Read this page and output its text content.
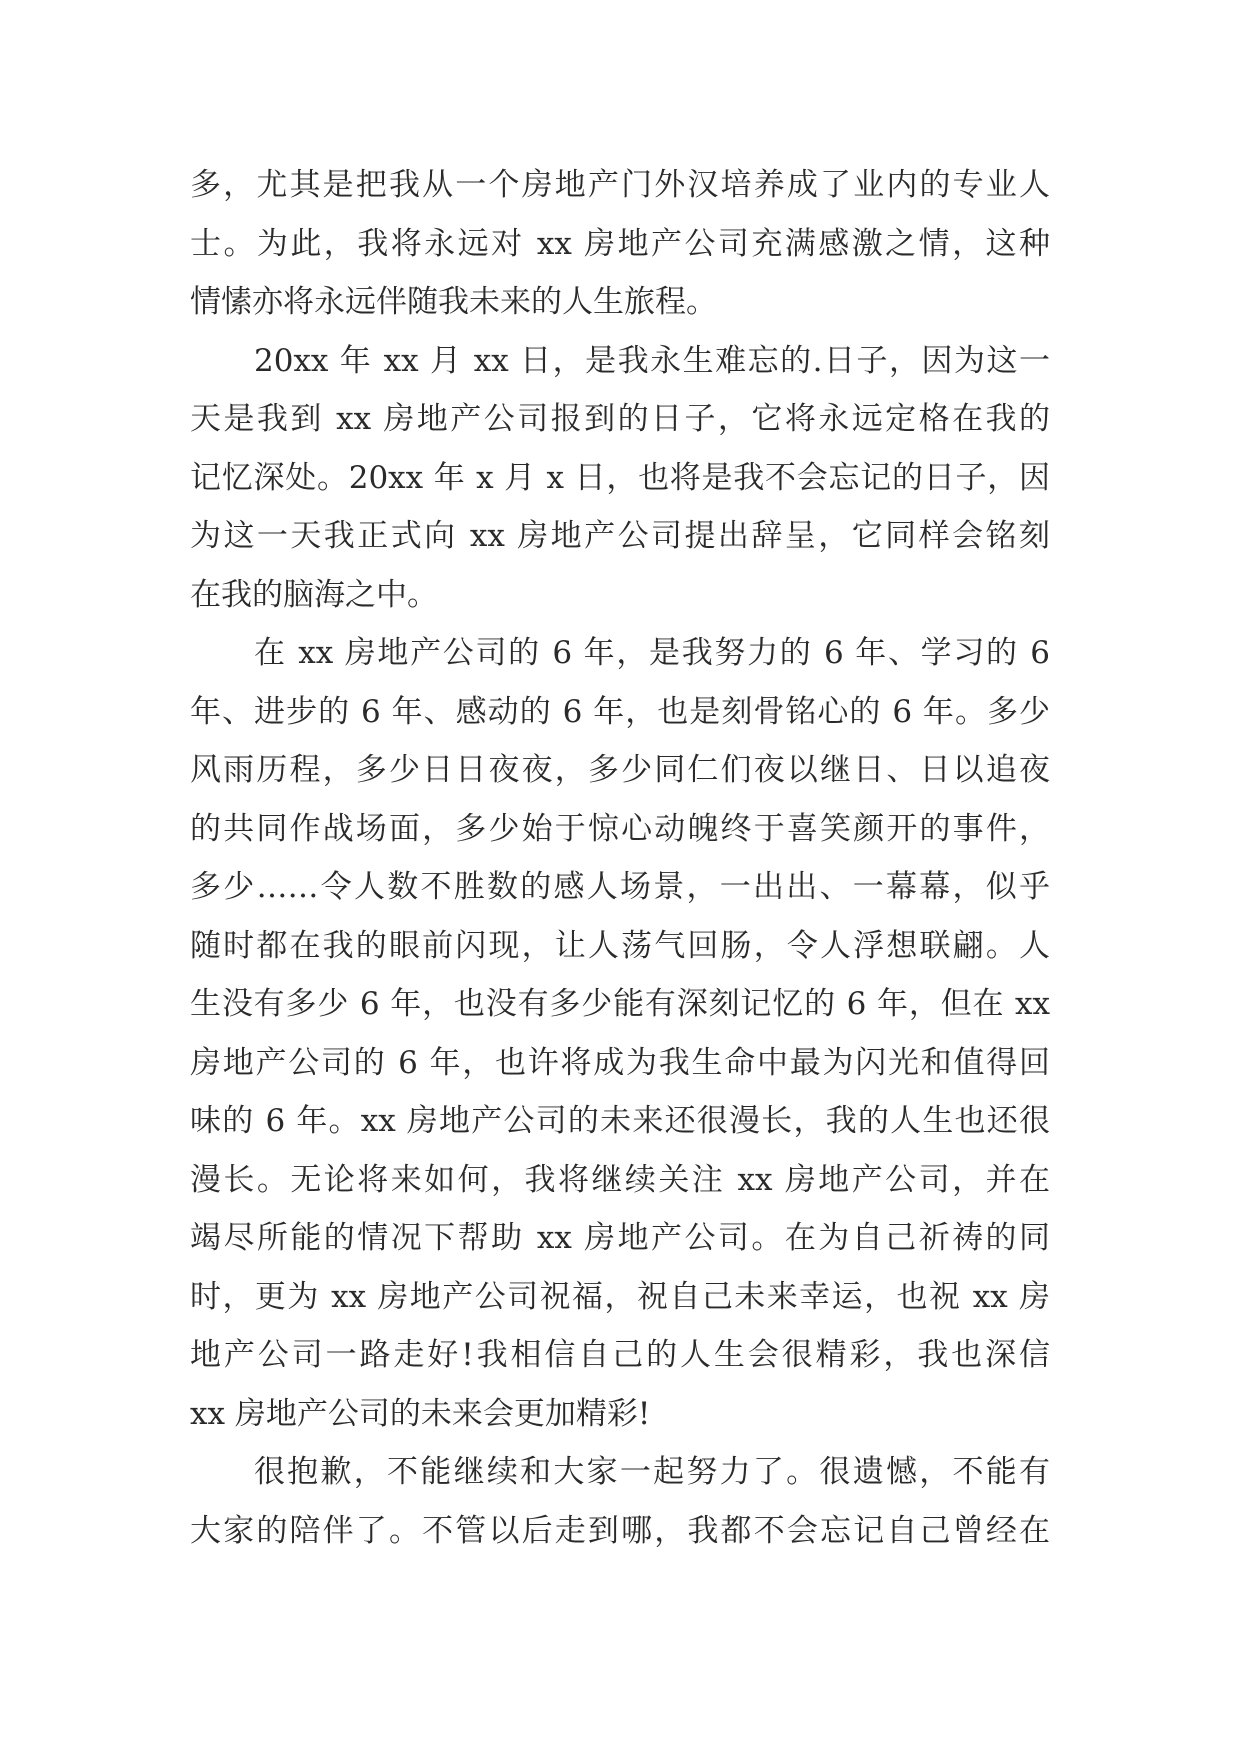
多，尤其是把我从一个房地产门外汉培养成了业内的专业人
士。为此，我将永远对 xx 房地产公司充满感激之情，这种
情愫亦将永远伴随我未来的人生旅程。
20xx 年 xx 月 xx 日，是我永生难忘的.日子，因为这一
天是我到 xx 房地产公司报到的日子，它将永远定格在我的
记忆深处。20xx 年 x 月 x 日，也将是我不会忘记的日子，因
为这一天我正式向 xx 房地产公司提出辞呈，它同样会铭刻
在我的脑海之中。
在 xx 房地产公司的 6 年，是我努力的 6 年、学习的 6
年、进步的 6 年、感动的 6 年，也是刻骨铭心的 6 年。多少
风雨历程，多少日日夜夜，多少同仁们夜以继日、日以追夜
的共同作战场面，多少始于惊心动魄终于喜笑颜开的事件，
多少……令人数不胜数的感人场景，一出出、一幕幕，似乎
随时都在我的眼前闪现，让人荡气回肠，令人浮想联翩。人
生没有多少 6 年，也没有多少能有深刻记忆的 6 年，但在 xx
房地产公司的 6 年，也许将成为我生命中最为闪光和值得回
味的 6 年。xx 房地产公司的未来还很漫长，我的人生也还很
漫长。无论将来如何，我将继续关注 xx 房地产公司，并在
竭尽所能的情况下帮助 xx 房地产公司。在为自己祈祷的同
时，更为 xx 房地产公司祝福，祝自己未来幸运，也祝 xx 房
地产公司一路走好!我相信自己的人生会很精彩，我也深信
xx 房地产公司的未来会更加精彩!
很抱歉，不能继续和大家一起努力了。很遗憾，不能有
大家的陪伴了。不管以后走到哪，我都不会忘记自己曾经在
